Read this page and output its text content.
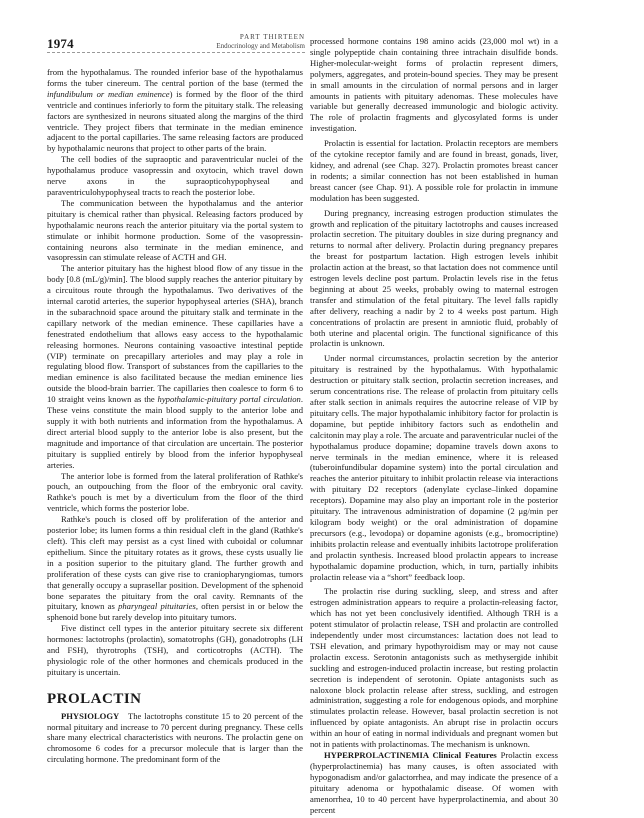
1974	PART THIRTEEN
Endocrinology and Metabolism

from the hypothalamus. The rounded inferior base of the hypothalamus forms the tuber cinereum. The central portion of the base (termed the infundibulum or median eminence) is formed by the floor of the third ventricle and continues inferiorly to form the pituitary stalk. The releasing factors are synthesized in neurons situated along the margins of the third ventricle. They project fibers that terminate in the median eminence adjacent to the portal capillaries. The same releasing factors are produced by hypothalamic neurons that project to other parts of the brain.

The cell bodies of the supraoptic and paraventricular nuclei of the hypothalamus produce vasopressin and oxytocin, which travel down nerve axons in the supraopticohypophyseal and paraventriculohypophyseal tracts to reach the posterior lobe.

The communication between the hypothalamus and the anterior pituitary is chemical rather than physical. Releasing factors produced by hypothalamic neurons reach the anterior pituitary via the portal system to stimulate or inhibit hormone production. Some of the vasopressin-containing neurons also terminate in the median eminence, and vasopressin can stimulate release of ACTH and GH.

The anterior pituitary has the highest blood flow of any tissue in the body [0.8 (mL/g)/min]. The blood supply reaches the anterior pituitary by a circuitous route through the hypothalamus. Two derivatives of the internal carotid arteries, the superior hypophyseal arteries (SHA), branch in the subarachnoid space around the pituitary stalk and terminate in the capillary network of the median eminence. These capillaries have a fenestrated endothelium that allows easy access to the hypothalamic releasing hormones. Neurons containing vasoactive intestinal peptide (VIP) terminate on precapillary arterioles and may play a role in regulating blood flow. Transport of substances from the capillaries to the median eminence is also facilitated because the median eminence lies outside the blood-brain barrier. The capillaries then coalesce to form 6 to 10 straight veins known as the hypothalamic-pituitary portal circulation. These veins constitute the main blood supply to the anterior lobe and supply it with both nutrients and information from the hypothalamus. A direct arterial blood supply to the anterior lobe is also present, but the magnitude and importance of that circulation are uncertain. The posterior pituitary is supplied entirely by blood from the inferior hypophyseal arteries.

The anterior lobe is formed from the lateral proliferation of Rathke's pouch, an outpouching from the floor of the embryonic oral cavity. Rathke's pouch is met by a diverticulum from the floor of the third ventricle, which forms the posterior lobe.

Rathke's pouch is closed off by proliferation of the anterior and posterior lobe; its lumen forms a thin residual cleft in the gland (Rathke's cleft). This cleft may persist as a cyst lined with cuboidal or columnar epithelium. Since the pituitary rotates as it grows, these cysts usually lie in a position superior to the pituitary gland. The further growth and proliferation of these cysts can give rise to craniopharyngiomas, tumors that generally occupy a suprasellar position. Development of the sphenoid bone separates the pituitary from the oral cavity. Remnants of the pituitary, known as pharyngeal pituitaries, often persist in or below the sphenoid bone but rarely develop into pituitary tumors.

Five distinct cell types in the anterior pituitary secrete six different hormones: lactotrophs (prolactin), somatotrophs (GH), gonadotrophs (LH and FSH), thyrotrophs (TSH), and corticotrophs (ACTH). The physiologic role of the other hormones and chemicals produced in the pituitary is uncertain.

PROLACTIN

PHYSIOLOGY The lactotrophs constitute 15 to 20 percent of the normal pituitary and increase to 70 percent during pregnancy. These cells share many electrical characteristics with neurons. The prolactin gene on chromosome 6 codes for a precursor molecule that is larger than the circulating hormone. The predominant form of the

processed hormone contains 198 amino acids (23,000 mol wt) in a single polypeptide chain containing three intrachain disulfide bonds. Higher-molecular-weight forms of prolactin represent dimers, polymers, aggregates, and protein-bound species. They may be present in small amounts in the circulation of normal persons and in larger amounts in patients with pituitary adenomas. These molecules have variable but generally decreased immunologic and biologic activity. The role of prolactin fragments and glycosylated forms is under investigation.

Prolactin is essential for lactation. Prolactin receptors are members of the cytokine receptor family and are found in breast, gonads, liver, kidney, and adrenal (see Chap. 327). Prolactin promotes breast cancer in rodents; a similar connection has not been established in human breast cancer (see Chap. 91). A possible role for prolactin in immune modulation has been suggested.

During pregnancy, increasing estrogen production stimulates the growth and replication of the pituitary lactotrophs and causes increased prolactin secretion. The pituitary doubles in size during pregnancy and returns to normal after delivery. Prolactin during pregnancy prepares the breast for postpartum lactation. High estrogen levels inhibit prolactin action at the breast, so that lactation does not commence until estrogen levels decline post partum. Prolactin levels rise in the fetus beginning at about 25 weeks, probably owing to maternal estrogen transfer and stimulation of the fetal pituitary. The level falls rapidly after delivery, reaching a nadir by 2 to 4 weeks post partum. High concentrations of prolactin are present in amniotic fluid, probably of both uterine and placental origin. The functional significance of this prolactin is unknown.

Under normal circumstances, prolactin secretion by the anterior pituitary is restrained by the hypothalamus. With hypothalamic destruction or pituitary stalk section, prolactin secretion increases, and serum concentrations rise. The release of prolactin from pituitary cells after stalk section in animals requires the autocrine release of VIP by pituitary cells. The major hypothalamic inhibitory factor for prolactin is dopamine, but peptide inhibitory factors such as endothelin and calcitonin may play a role. The arcuate and paraventricular nuclei of the hypothalamus produce dopamine; dopamine travels down axons to nerve terminals in the median eminence, where it is released (tuberoinfundibular dopamine system) into the portal circulation and reaches the anterior pituitary to inhibit prolactin release via interactions with pituitary D2 receptors (adenylate cyclase–linked dopamine receptors). Dopamine may also play an important role in the posterior pituitary. The intravenous administration of dopamine (2 μg/min per kilogram body weight) or the oral administration of dopamine precursors (e.g., levodopa) or dopamine agonists (e.g., bromocriptine) inhibits prolactin release and eventually inhibits lactotrope proliferation and prolactin synthesis. Increased blood prolactin appears to increase hypothalamic dopamine production, which, in turn, partially inhibits prolactin release via a “short” feedback loop.

The prolactin rise during suckling, sleep, and stress and after estrogen administration appears to require a prolactin-releasing factor, which has not yet been conclusively identified. Although TRH is a potent stimulator of prolactin release, TSH and prolactin are controlled independently under most circumstances: lactation does not lead to TSH elevation, and primary hypothyroidism may or may not cause prolactin excess. Serotonin antagonists such as methysergide inhibit suckling and estrogen-induced prolactin increase, but resting prolactin secretion is independent of serotonin. Opiate antagonists such as naloxone block prolactin release after stress, suckling, and estrogen administration, suggesting a role for endogenous opiods, and morphine stimulates prolactin release. However, basal prolactin secretion is not influenced by opiate antagonists. An abrupt rise in prolactin occurs within an hour of eating in normal individuals and pregnant women but not in patients with prolactinomas. The mechanism is unknown.

HYPERPROLACTINEMIA Clinical Features Prolactin excess (hyperprolactinemia) has many causes, is often associated with hypogonadism and/or galactorrhea, and may indicate the presence of a pituitary adenoma or hypothalamic disease. Of women with amenorrhea, 10 to 40 percent have hyperprolactinemia, and about 30 percent
